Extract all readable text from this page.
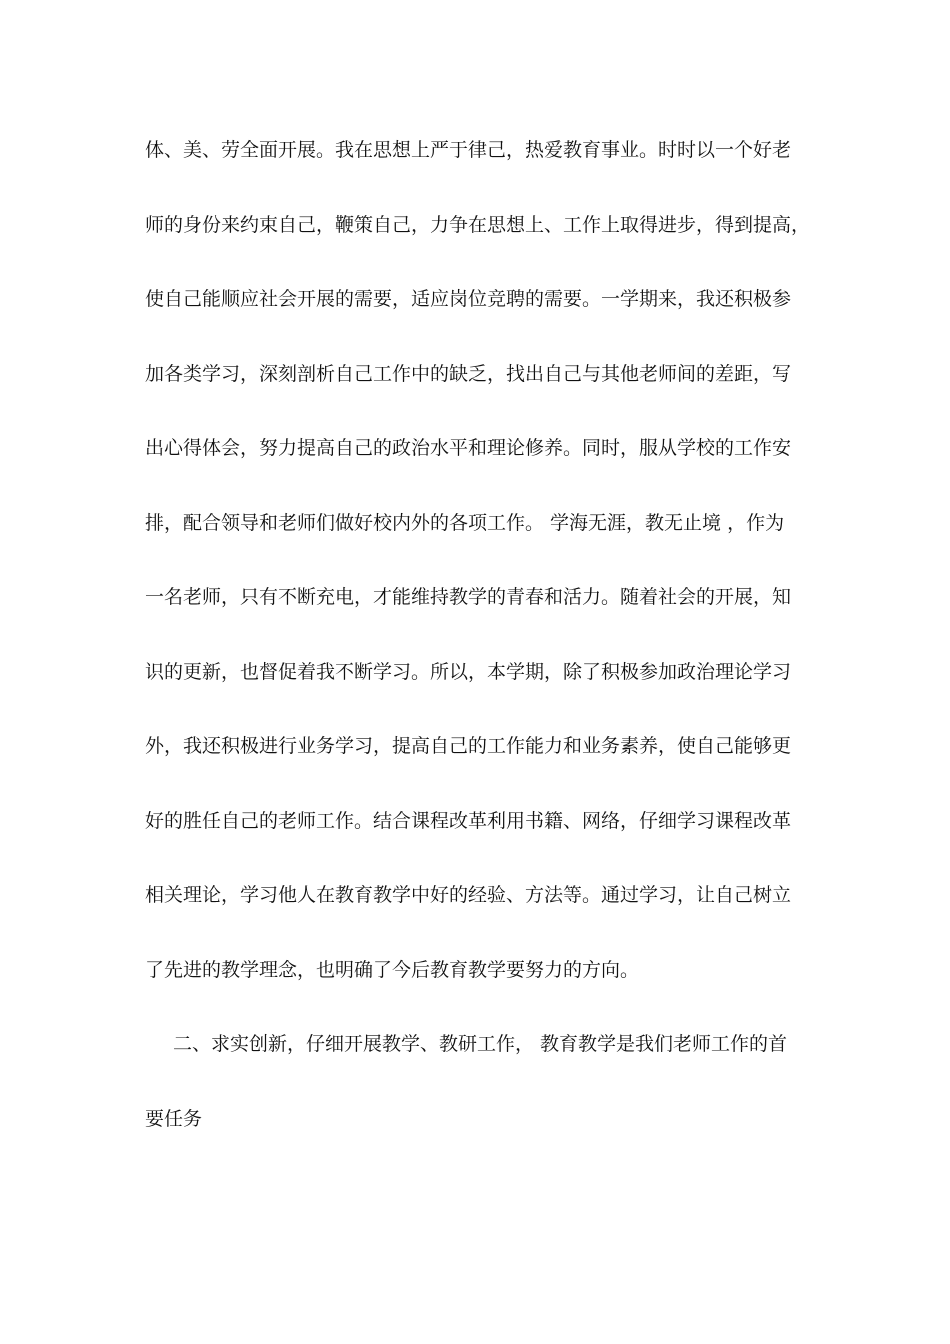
体、美、劳全面开展。我在思想上严于律己，热爱教育事业。时时以一个好老
师的身份来约束自己，鞭策自己，力争在思想上、工作上取得进步，得到提高，
使自己能顺应社会开展的需要，适应岗位竞聘的需要。一学期来，我还积极参
加各类学习，深刻剖析自己工作中的缺乏，找出自己与其他老师间的差距，写
出心得体会，努力提高自己的政治水平和理论修养。同时，服从学校的工作安
排，配合领导和老师们做好校内外的各项工作。 学海无涯，教无止境 ，作为
一名老师，只有不断充电，才能维持教学的青春和活力。随着社会的开展，知
识的更新，也督促着我不断学习。所以，本学期，除了积极参加政治理论学习
外，我还积极进行业务学习，提高自己的工作能力和业务素养，使自己能够更
好的胜任自己的老师工作。结合课程改革利用书籍、网络，仔细学习课程改革
相关理论，学习他人在教育教学中好的经验、方法等。通过学习，让自己树立
了先进的教学理念，也明确了今后教育教学要努力的方向。
二、求实创新，仔细开展教学、教研工作， 教育教学是我们老师工作的首
要任务
